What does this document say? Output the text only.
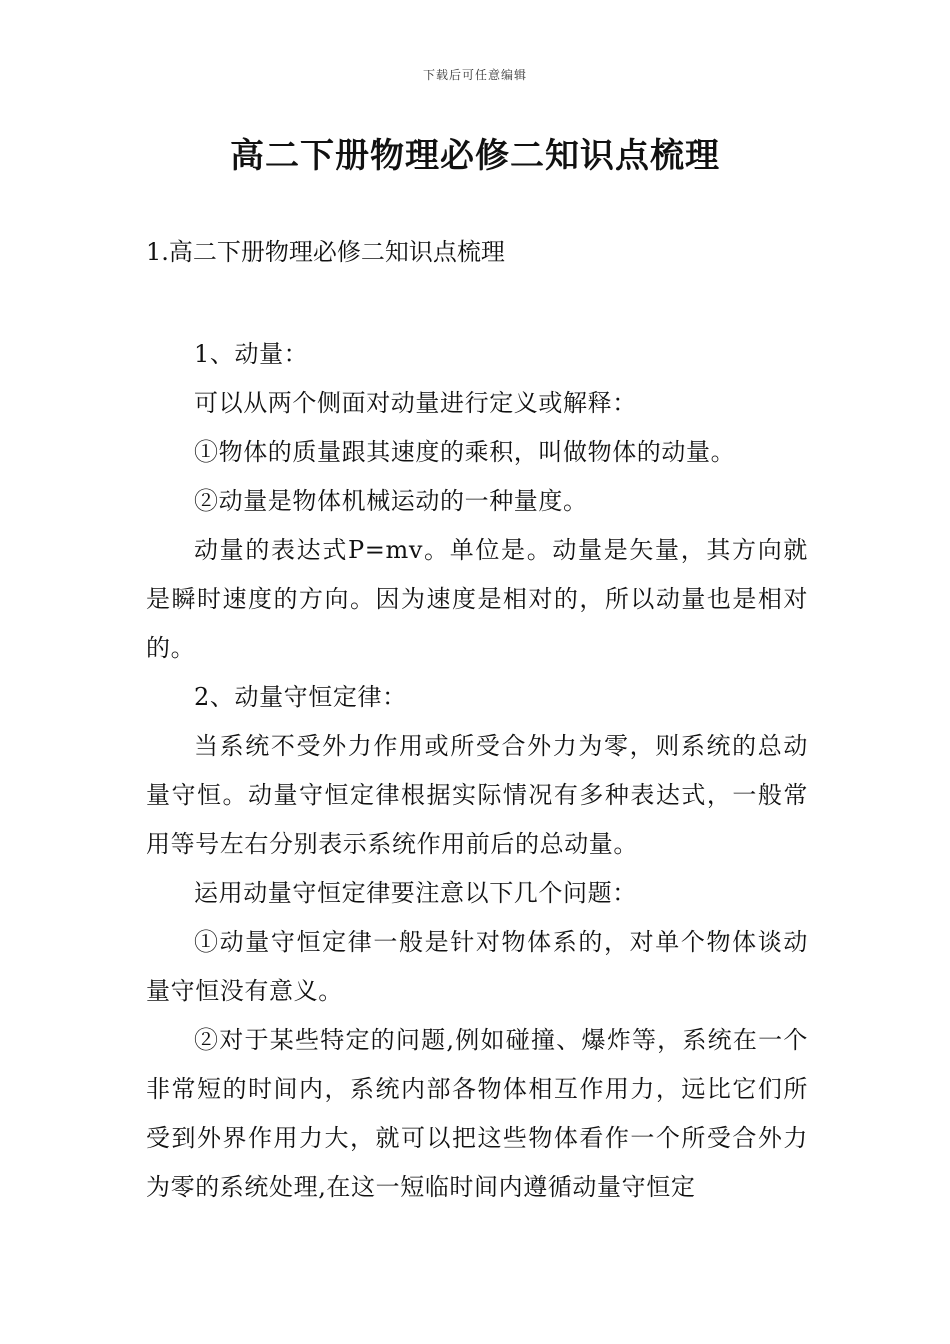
下载后可任意编辑
高二下册物理必修二知识点梳理
1.高二下册物理必修二知识点梳理

1、动量：

可以从两个侧面对动量进行定义或解释：

①物体的质量跟其速度的乘积，叫做物体的动量。

②动量是物体机械运动的一种量度。

动量的表达式P=mv。单位是。动量是矢量，其方向就是瞬时速度的方向。因为速度是相对的，所以动量也是相对的。

2、动量守恒定律：

当系统不受外力作用或所受合外力为零，则系统的总动量守恒。动量守恒定律根据实际情况有多种表达式，一般常用等号左右分别表示系统作用前后的总动量。

运用动量守恒定律要注意以下几个问题：

①动量守恒定律一般是针对物体系的，对单个物体谈动量守恒没有意义。

②对于某些特定的问题,例如碰撞、爆炸等，系统在一个非常短的时间内，系统内部各物体相互作用力，远比它们所受到外界作用力大，就可以把这些物体看作一个所受合外力为零的系统处理,在这一短临时间内遵循动量守恒定
